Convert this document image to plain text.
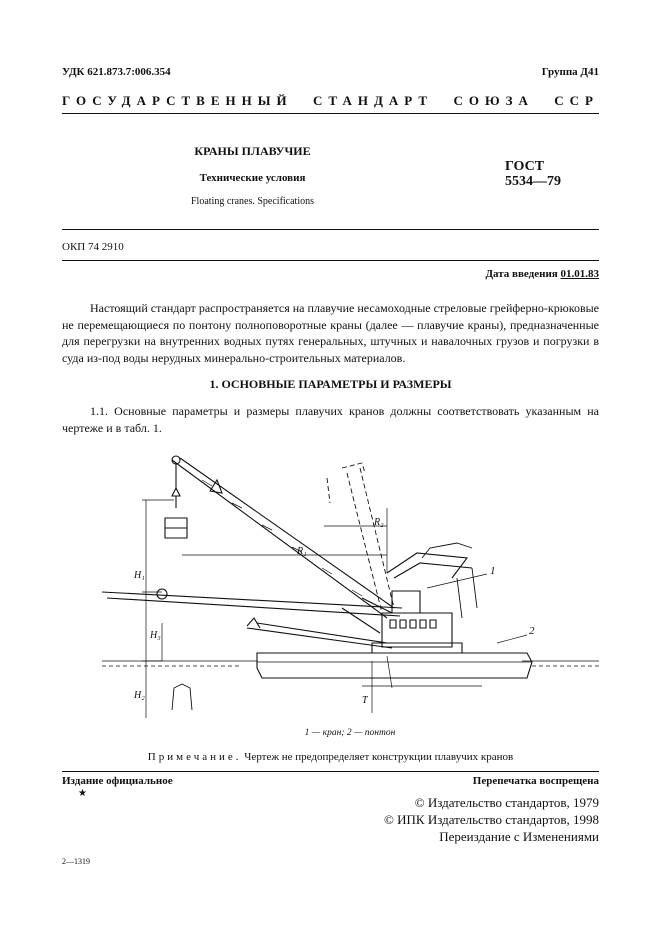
УДК 621.873.7:006.354	Группа Д41
ГОСУДАРСТВЕННЫЙ СТАНДАРТ СОЮЗА ССР
КРАНЫ ПЛАВУЧИЕ
Технические условия
Floating cranes. Specifications
ГОСТ
5534—79
ОКП 74 2910
Дата введения 01.01.83
Настоящий стандарт распространяется на плавучие несамоходные стреловые грейферно-крюковые не перемещающиеся по понтону полноповоротные краны (далее — плавучие краны), предназначенные для перегрузки на внутренних водных путях генеральных, штучных и навалочных грузов и погрузки в суда из-под воды нерудных минерально-строительных материалов.
1. ОСНОВНЫЕ ПАРАМЕТРЫ И РАЗМЕРЫ
1.1. Основные параметры и размеры плавучих кранов должны соответствовать указанным на чертеже и в табл. 1.
R₁
R₂
H₁
H₂
H₃
T
1
2
1 — кран; 2 — понтон
Примечание. Чертеж не предопределяет конструкции плавучих кранов
Издание официальное
★
Перепечатка воспрещена
© Издательство стандартов, 1979
© ИПК Издательство стандартов, 1998
Переиздание с Изменениями
2—1319
